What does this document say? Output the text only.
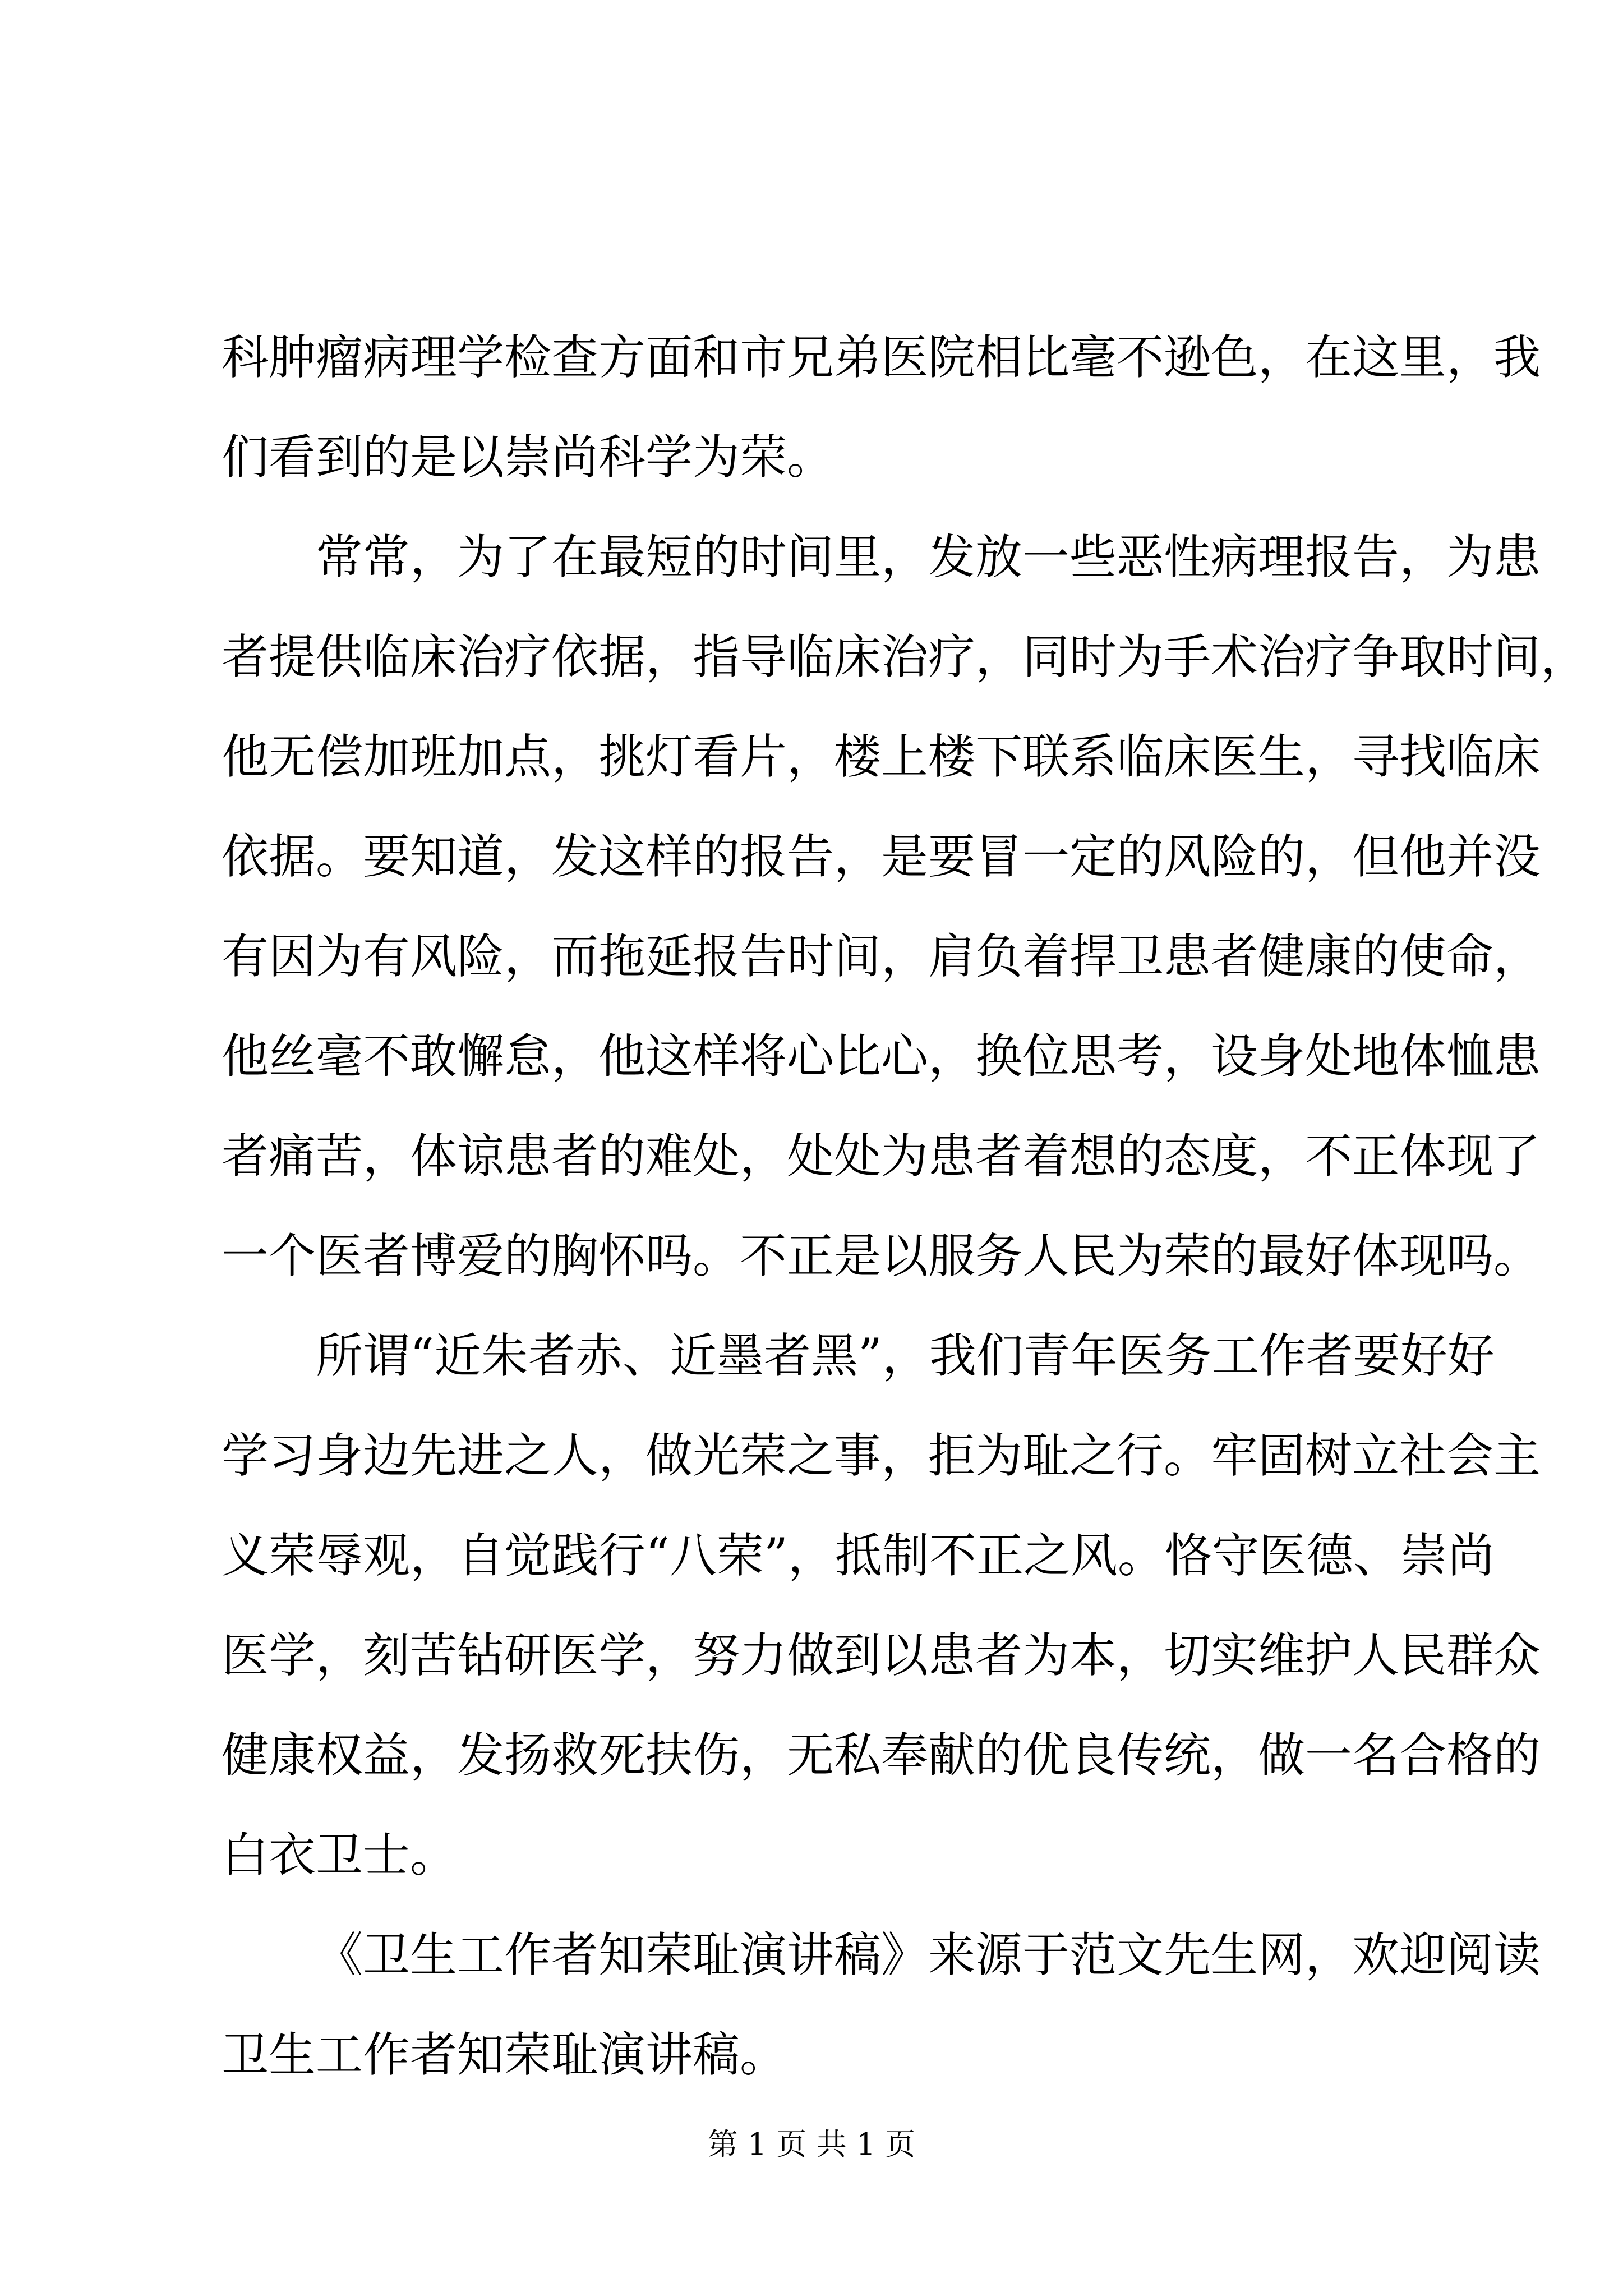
科肿瘤病理学检查方面和市兄弟医院相比毫不逊色，在这里，我
们看到的是以崇尚科学为荣。
常常，为了在最短的时间里，发放一些恶性病理报告，为患
者提供临床治疗依据，指导临床治疗，同时为手术治疗争取时间，
他无偿加班加点，挑灯看片，楼上楼下联系临床医生，寻找临床
依据。要知道，发这样的报告，是要冒一定的风险的，但他并没
有因为有风险，而拖延报告时间，肩负着捍卫患者健康的使命，
他丝毫不敢懈怠，他这样将心比心，换位思考，设身处地体恤患
者痛苦，体谅患者的难处，处处为患者着想的态度，不正体现了
一个医者博爱的胸怀吗。不正是以服务人民为荣的最好体现吗。
所谓“近朱者赤、近墨者黑”，我们青年医务工作者要好好
学习身边先进之人，做光荣之事，拒为耻之行。牢固树立社会主
义荣辱观，自觉践行“八荣”，抵制不正之风。恪守医德、崇尚
医学，刻苦钻研医学，努力做到以患者为本，切实维护人民群众
健康权益，发扬救死扶伤，无私奉献的优良传统，做一名合格的
白衣卫士。
《卫生工作者知荣耻演讲稿》来源于范文先生网，欢迎阅读
卫生工作者知荣耻演讲稿。
第 1 页 共 1 页
